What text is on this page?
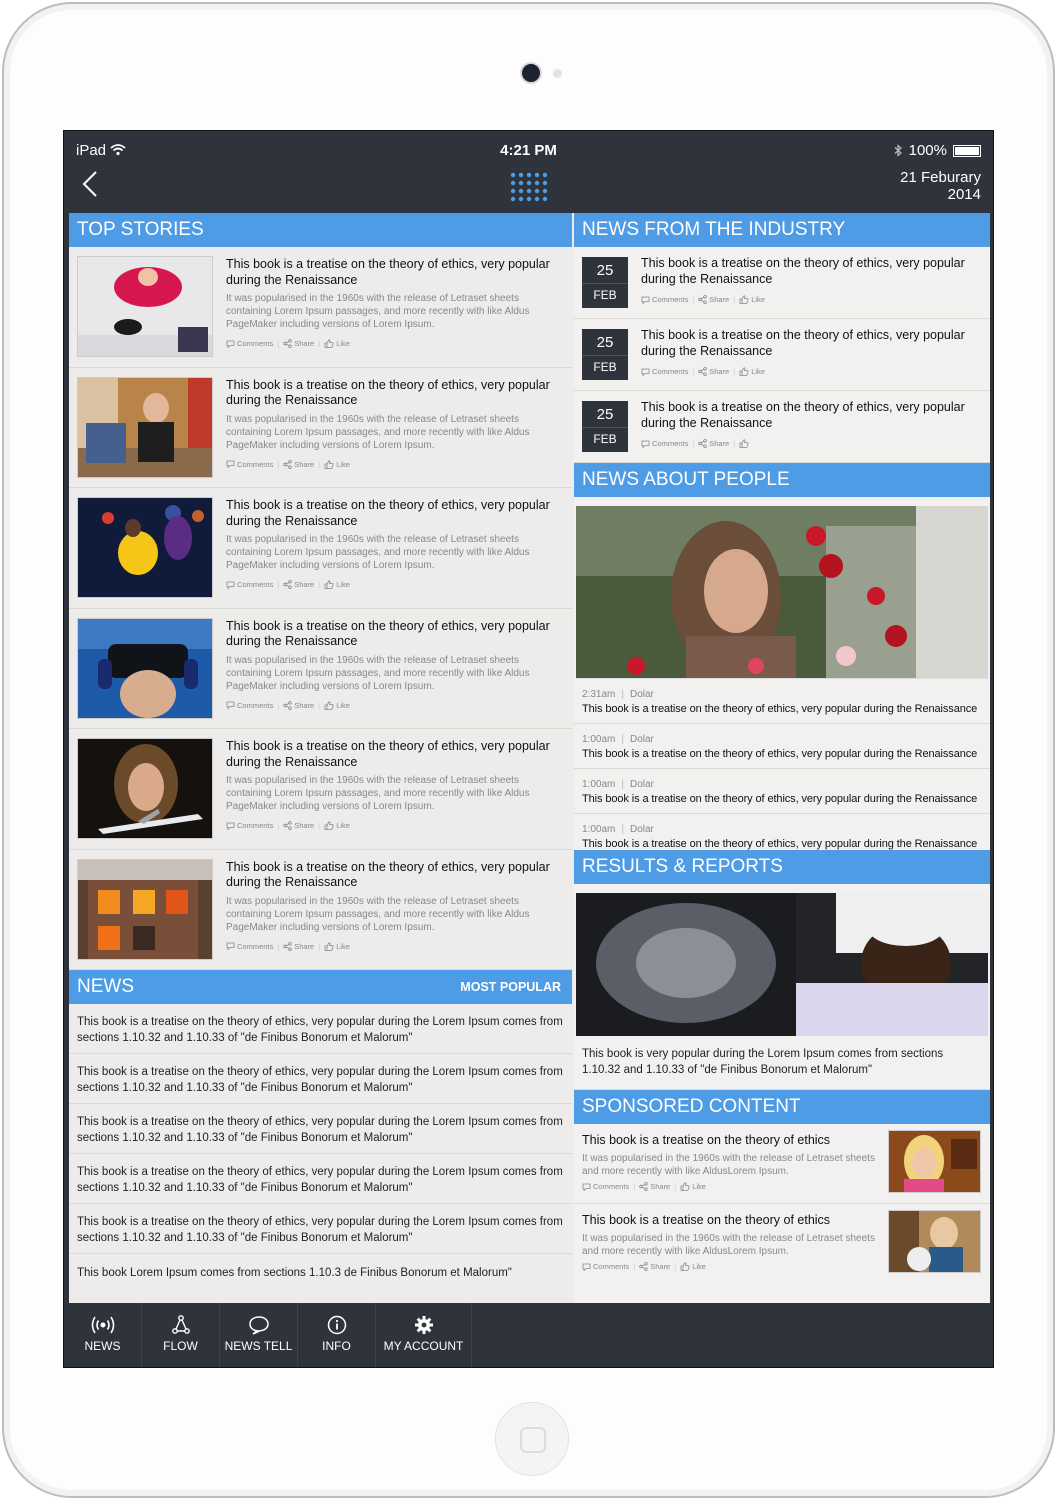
iPad	4:21 PM	100%
21 Feburary
2014
TOP STORIES
This book is a treatise on the theory of ethics, very popular during the Renaissance
It was popularised in the 1960s with the release of Letraset sheets containing Lorem Ipsum passages, and more recently with like Aldus PageMaker including versions of Lorem Ipsum.
Comments | Share | Like
This book is a treatise on the theory of ethics, very popular during the Renaissance
It was popularised in the 1960s with the release of Letraset sheets containing Lorem Ipsum passages, and more recently with like Aldus PageMaker including versions of Lorem Ipsum.
Comments | Share | Like
This book is a treatise on the theory of ethics, very popular during the Renaissance
It was popularised in the 1960s with the release of Letraset sheets containing Lorem Ipsum passages, and more recently with like Aldus PageMaker including versions of Lorem Ipsum.
Comments | Share | Like
This book is a treatise on the theory of ethics, very popular during the Renaissance
It was popularised in the 1960s with the release of Letraset sheets containing Lorem Ipsum passages, and more recently with like Aldus PageMaker including versions of Lorem Ipsum.
Comments | Share | Like
This book is a treatise on the theory of ethics, very popular during the Renaissance
It was popularised in the 1960s with the release of Letraset sheets containing Lorem Ipsum passages, and more recently with like Aldus PageMaker including versions of Lorem Ipsum.
Comments | Share | Like
This book is a treatise on the theory of ethics, very popular during the Renaissance
It was popularised in the 1960s with the release of Letraset sheets containing Lorem Ipsum passages, and more recently with like Aldus PageMaker including versions of Lorem Ipsum.
Comments | Share | Like
NEWS	MOST POPULAR
This book is a treatise on the theory of ethics, very popular during the Lorem Ipsum comes from sections 1.10.32 and 1.10.33 of "de Finibus Bonorum et Malorum"
This book is a treatise on the theory of ethics, very popular during the Lorem Ipsum comes from sections 1.10.32 and 1.10.33 of "de Finibus Bonorum et Malorum"
This book is a treatise on the theory of ethics, very popular during the Lorem Ipsum comes from sections 1.10.32 and 1.10.33 of "de Finibus Bonorum et Malorum"
This book is a treatise on the theory of ethics, very popular during the Lorem Ipsum comes from sections 1.10.32 and 1.10.33 of "de Finibus Bonorum et Malorum"
This book is a treatise on the theory of ethics, very popular during the Lorem Ipsum comes from sections 1.10.32 and 1.10.33 of "de Finibus Bonorum et Malorum"
This book Lorem Ipsum comes from sections 1.10.3 de Finibus Bonorum et Malorum"
NEWS FROM THE INDUSTRY
25
FEB
This book is a treatise on the theory of ethics, very popular during the Renaissance
Comments | Share | Like
25
FEB
This book is a treatise on the theory of ethics, very popular during the Renaissance
Comments | Share | Like
25
FEB
This book is a treatise on the theory of ethics, very popular during the Renaissance
Comments | Share |
NEWS ABOUT PEOPLE
2:31am | Dolar
This book is a treatise on the theory of ethics, very popular during the Renaissance
1:00am | Dolar
This book is a treatise on the theory of ethics, very popular during the Renaissance
1:00am | Dolar
This book is a treatise on the theory of ethics, very popular during the Renaissance
1:00am | Dolar
This book is a treatise on the theory of ethics, very popular during the Renaissance
RESULTS & REPORTS
This book is very popular during the Lorem Ipsum comes from sections 1.10.32 and 1.10.33 of "de Finibus Bonorum et Malorum"
SPONSORED CONTENT
This book is a treatise on the theory of ethics
It was popularised in the 1960s with the release of Letraset sheets and more recently with like AldusLorem Ipsum.
Comments | Share | Like
This book is a treatise on the theory of ethics
It was popularised in the 1960s with the release of Letraset sheets and more recently with like AldusLorem Ipsum.
Comments | Share | Like
NEWS	FLOW	NEWS TELL	INFO	MY ACCOUNT
